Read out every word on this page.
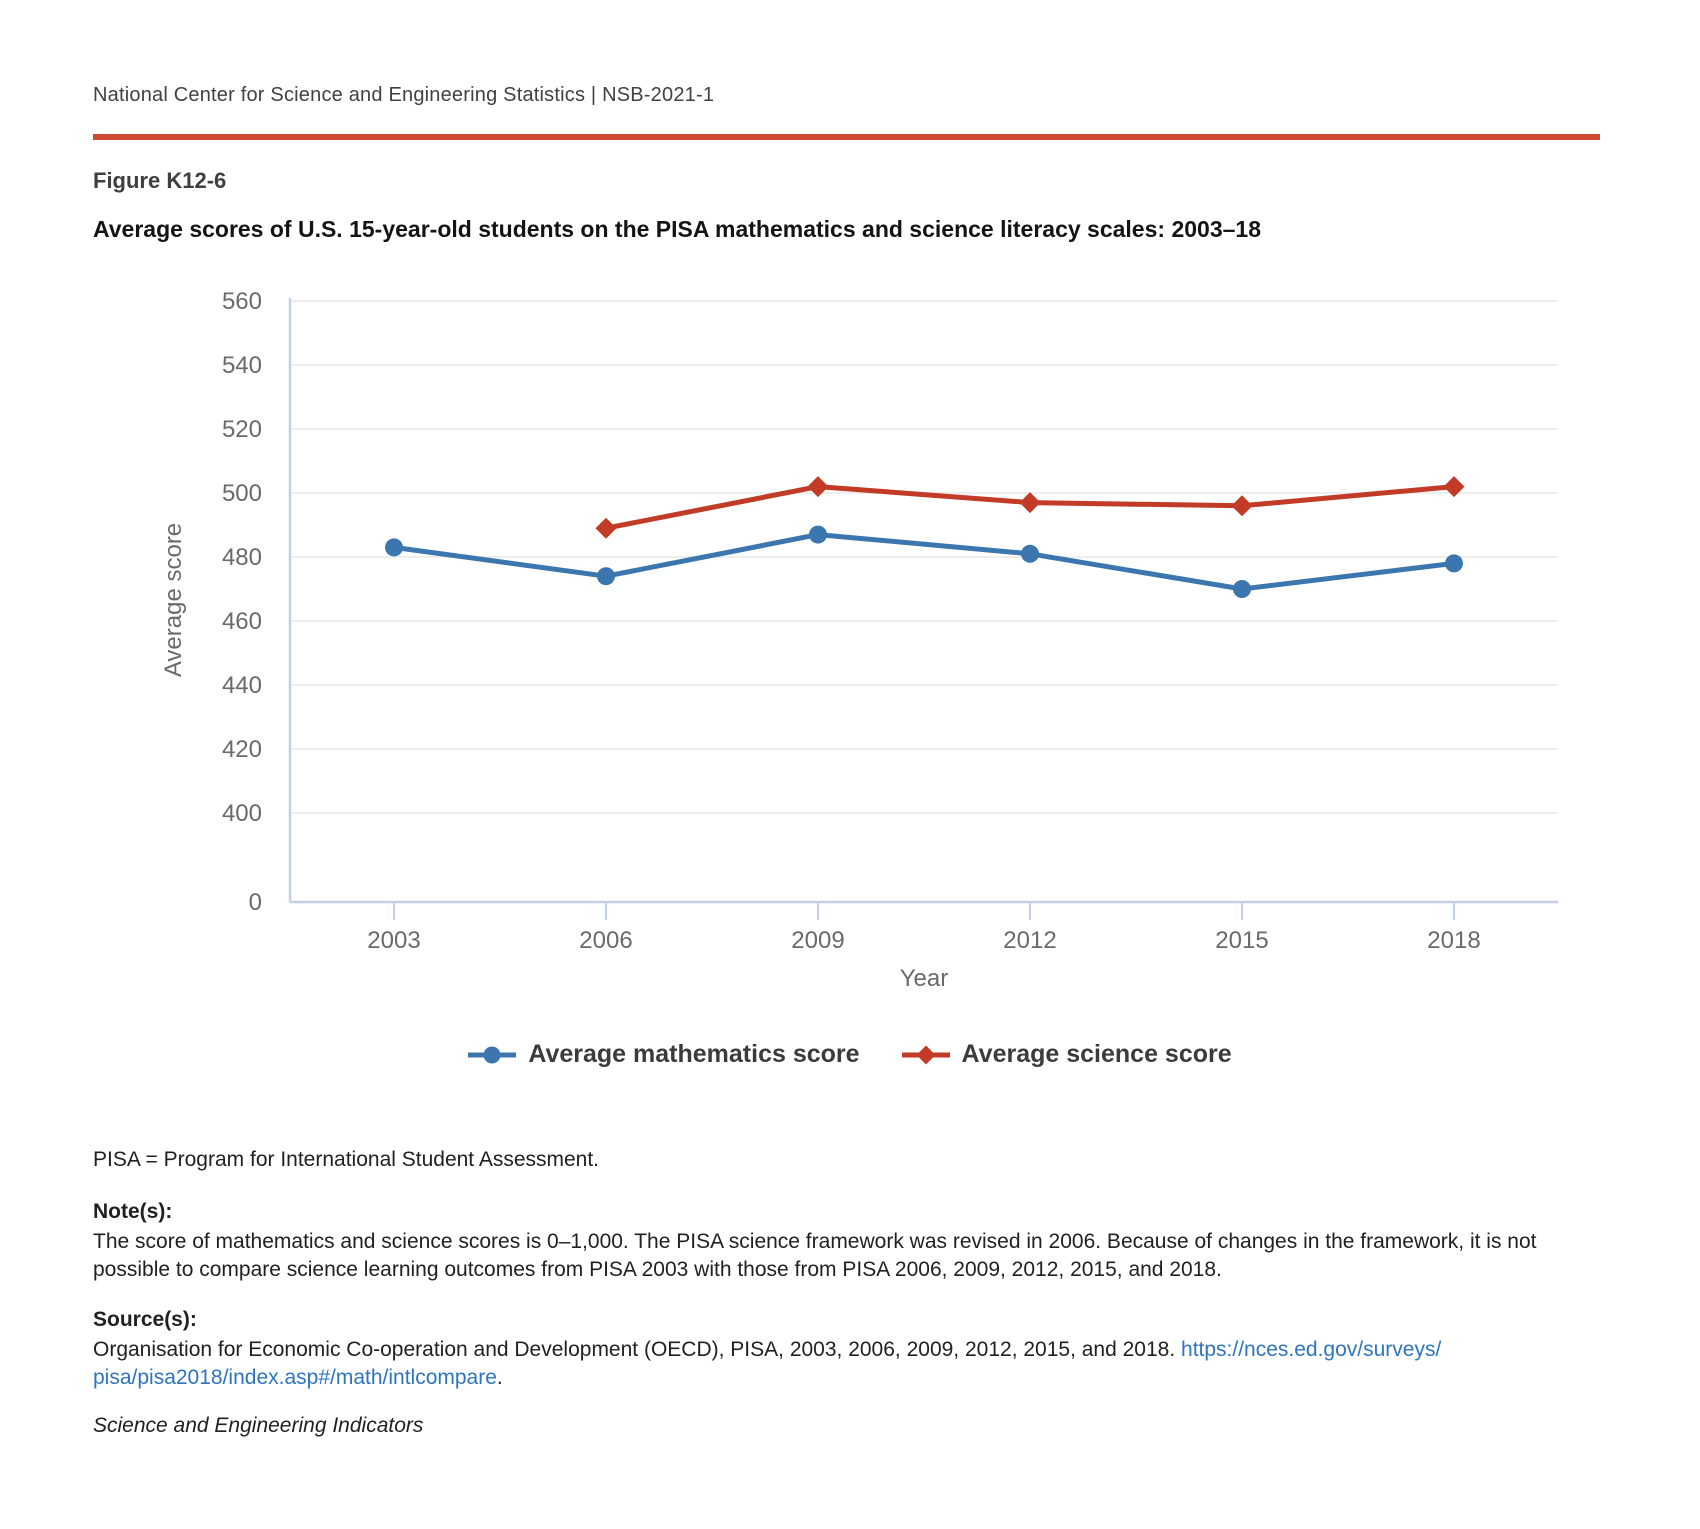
National Center for Science and Engineering Statistics | NSB-2021-1
Figure K12-6
Average scores of U.S. 15-year-old students on the PISA mathematics and science literacy scales: 2003–18
0
400
420
440
460
480
500
520
540
560
2003	2006	2009	2012	2015	2018
Average score
Year
Average mathematics score	Average science score

PISA = Program for International Student Assessment.

Note(s):

The score of mathematics and science scores is 0–1,000. The PISA science framework was revised in 2006. Because of changes in the framework, it is not possible to compare science learning outcomes from PISA 2003 with those from PISA 2006, 2009, 2012, 2015, and 2018.

Source(s):

Organisation for Economic Co-operation and Development (OECD), PISA, 2003, 2006, 2009, 2012, 2015, and 2018. https://nces.ed.gov/surveys/
pisa/pisa2018/index.asp#/math/intlcompare.

Science and Engineering Indicators
